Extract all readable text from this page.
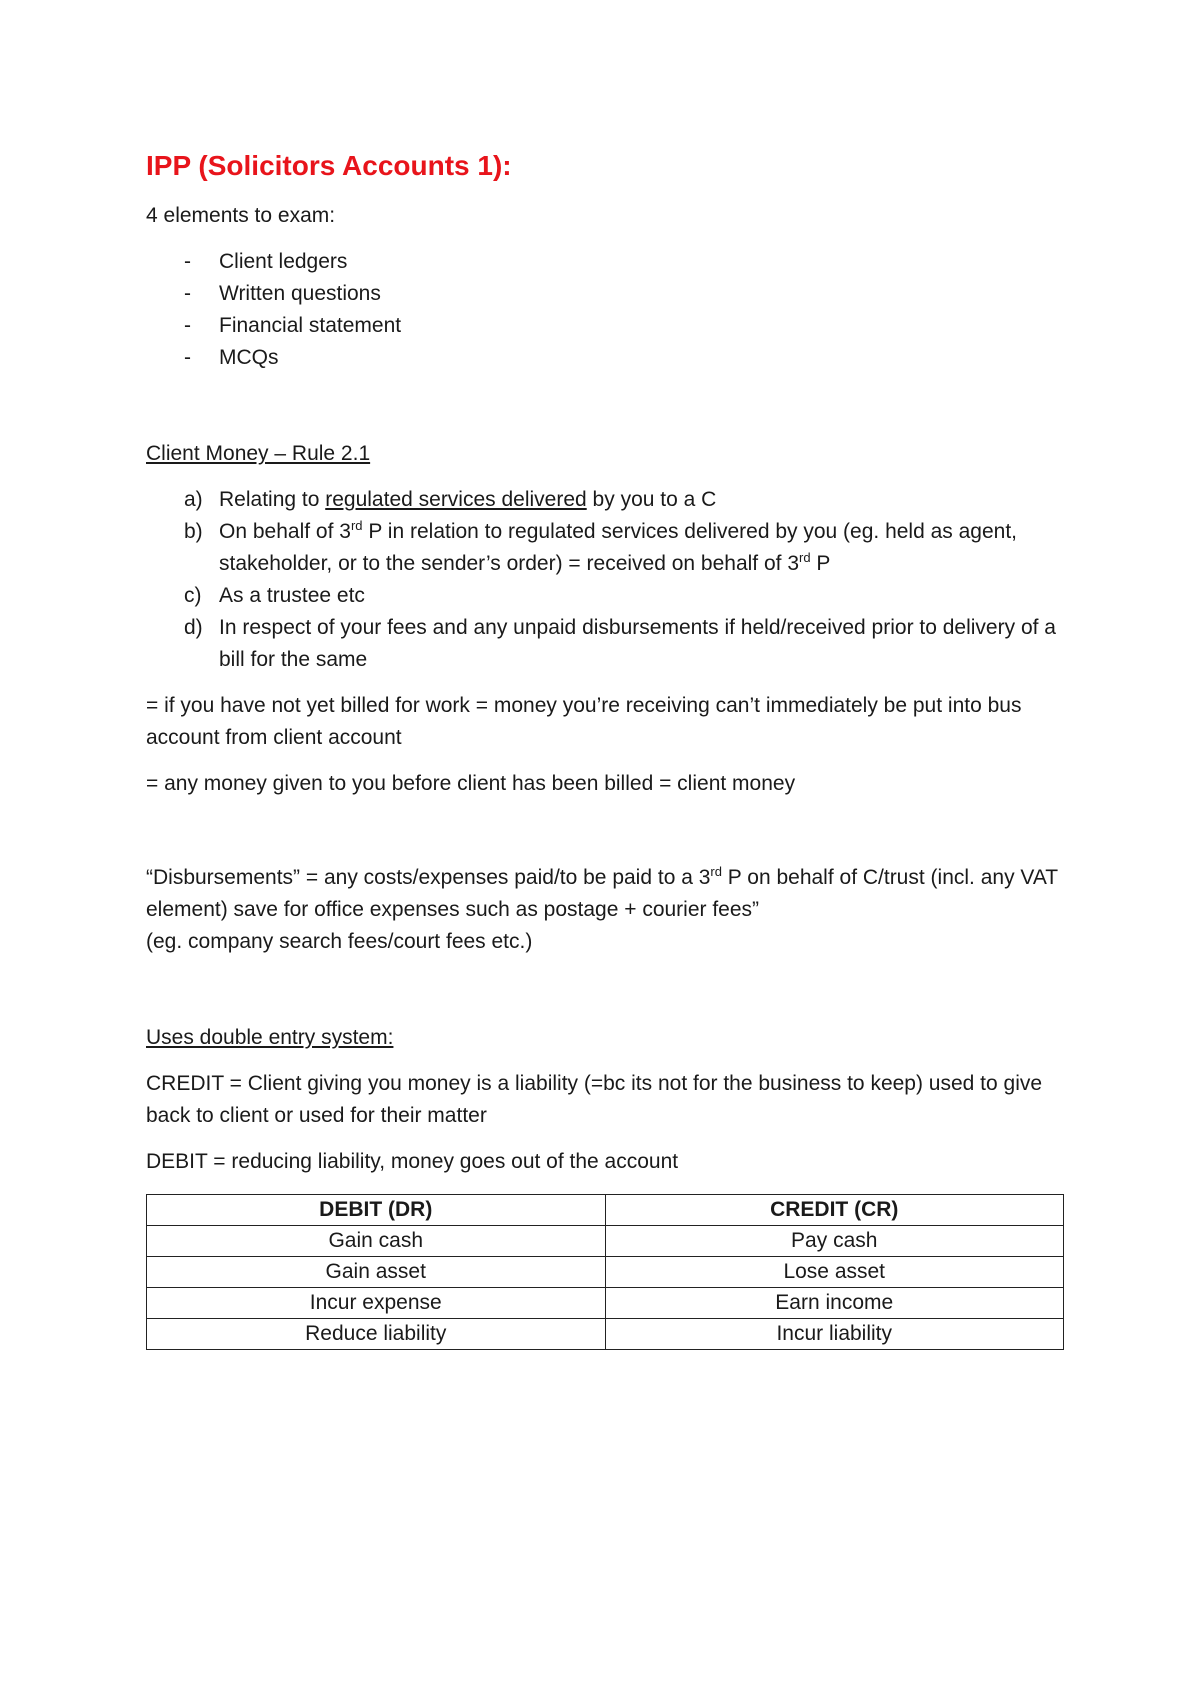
IPP (Solicitors Accounts 1):

4 elements to exam:

- Client ledgers
- Written questions
- Financial statement
- MCQs

Client Money – Rule 2.1

a) Relating to regulated services delivered by you to a C
b) On behalf of 3rd P in relation to regulated services delivered by you (eg. held as agent, stakeholder, or to the sender’s order) = received on behalf of 3rd P
c) As a trustee etc
d) In respect of your fees and any unpaid disbursements if held/received prior to delivery of a bill for the same

= if you have not yet billed for work = money you’re receiving can’t immediately be put into bus account from client account

= any money given to you before client has been billed = client money

“Disbursements” = any costs/expenses paid/to be paid to a 3rd P on behalf of C/trust (incl. any VAT element) save for office expenses such as postage + courier fees”

(eg. company search fees/court fees etc.)

Uses double entry system:

CREDIT = Client giving you money is a liability (=bc its not for the business to keep) used to give back to client or used for their matter

DEBIT = reducing liability, money goes out of the account

DEBIT (DR)	CREDIT (CR)
Gain cash	Pay cash
Gain asset	Lose asset
Incur expense	Earn income
Reduce liability	Incur liability
